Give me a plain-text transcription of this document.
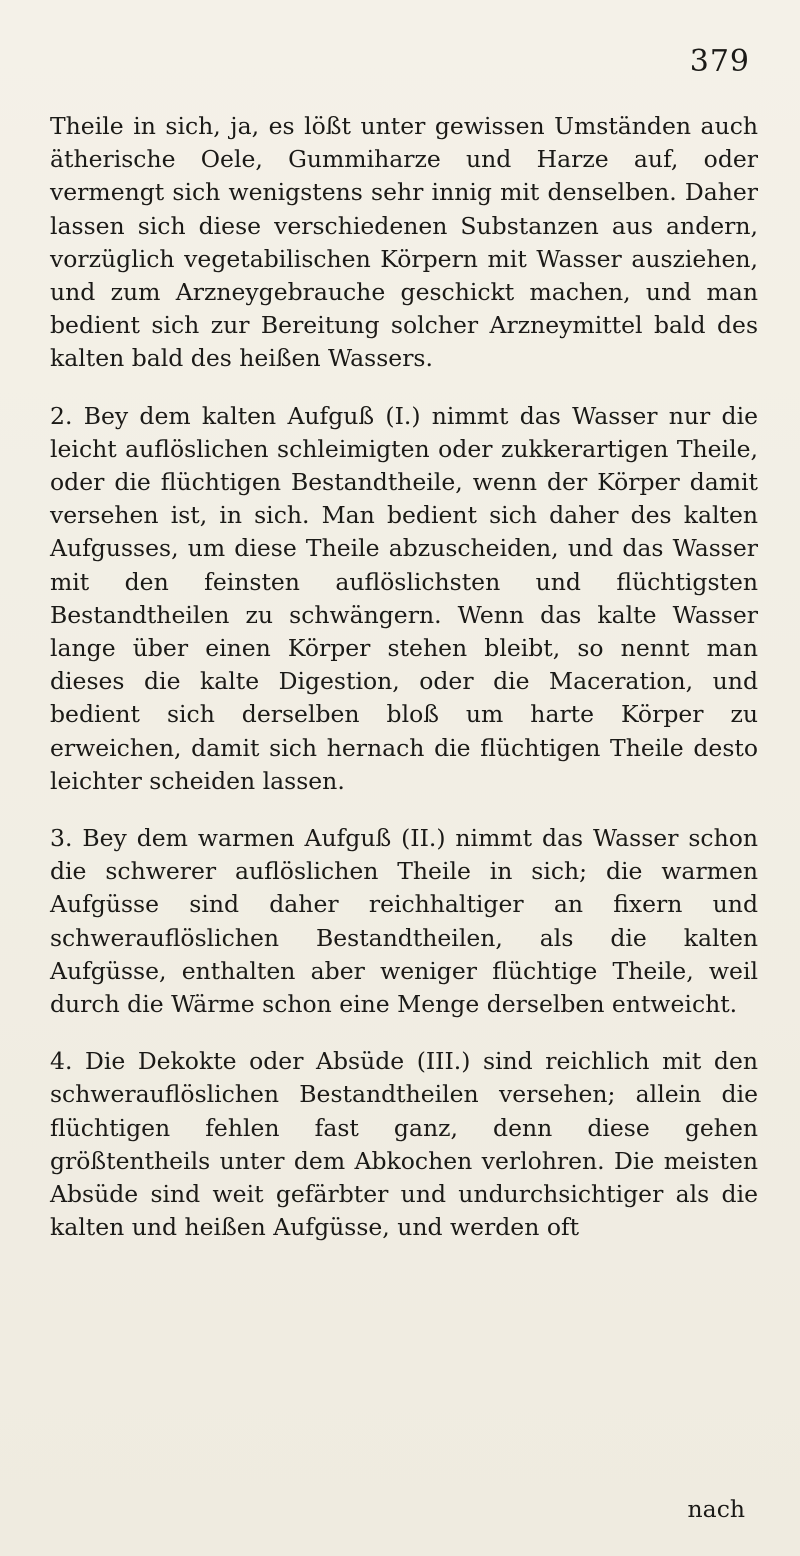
379

Theile in sich, ja, es lößt unter gewissen Umständen auch ätherische Oele, Gummiharze und Harze auf, oder vermengt sich wenigstens sehr innig mit denselben. Daher lassen sich diese verschiedenen Substanzen aus andern, vorzüglich vegetabilischen Körpern mit Wasser ausziehen, und zum Arzneygebrauche geschickt machen, und man bedient sich zur Bereitung solcher Arzneymittel bald des kalten bald des heißen Wassers.

2. Bey dem kalten Aufguß (I.) nimmt das Wasser nur die leicht auflöslichen schleimigten oder zukkerartigen Theile, oder die flüchtigen Bestandtheile, wenn der Körper damit versehen ist, in sich. Man bedient sich daher des kalten Aufgusses, um diese Theile abzuscheiden, und das Wasser mit den feinsten auflöslichsten und flüchtigsten Bestandtheilen zu schwängern. Wenn das kalte Wasser lange über einen Körper stehen bleibt, so nennt man dieses die kalte Digestion, oder die Maceration, und bedient sich derselben bloß um harte Körper zu erweichen, damit sich hernach die flüchtigen Theile desto leichter scheiden lassen.

3. Bey dem warmen Aufguß (II.) nimmt das Wasser schon die schwerer auflöslichen Theile in sich; die warmen Aufgüsse sind daher reichhaltiger an fixern und schwerauflöslichen Bestandtheilen, als die kalten Aufgüsse, enthalten aber weniger flüchtige Theile, weil durch die Wärme schon eine Menge derselben entweicht.

4. Die Dekokte oder Absüde (III.) sind reichlich mit den schwerauflöslichen Bestandtheilen versehen; allein die flüchtigen fehlen fast ganz, denn diese gehen größtentheils unter dem Abkochen verlohren. Die meisten Absüde sind weit gefärbter und undurchsichtiger als die kalten und heißen Aufgüsse, und werden oft

nach
